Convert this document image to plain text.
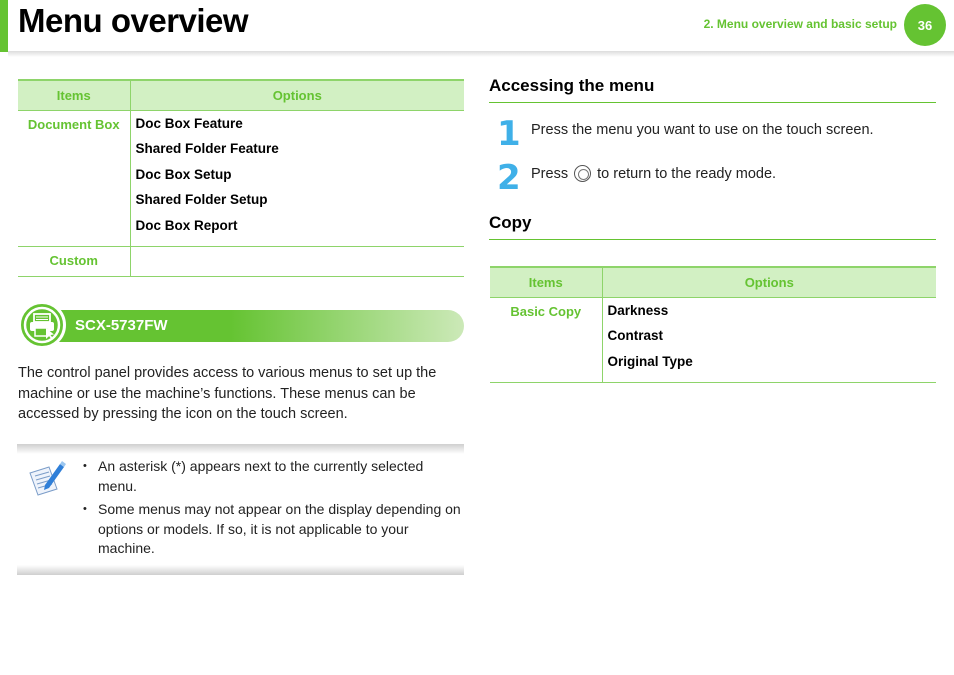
Menu overview	2. Menu overview and basic setup	36
Items	Options
Document Box	Doc Box Feature
Shared Folder Feature
Doc Box Setup
Shared Folder Setup
Doc Box Report

Custom	
SCX-5737FW

The control panel provides access to various menus to set up the machine or use the machine’s functions. These menus can be accessed by pressing the icon on the touch screen.

• An asterisk (*) appears next to the currently selected menu.
• Some menus may not appear on the display depending on options or models. If so, it is not applicable to your machine.
Accessing the menu
1 Press the menu you want to use on the touch screen.
2 Press to return to the ready mode.
Copy
Items	Options
Basic Copy	Darkness
Contrast
Original Type
